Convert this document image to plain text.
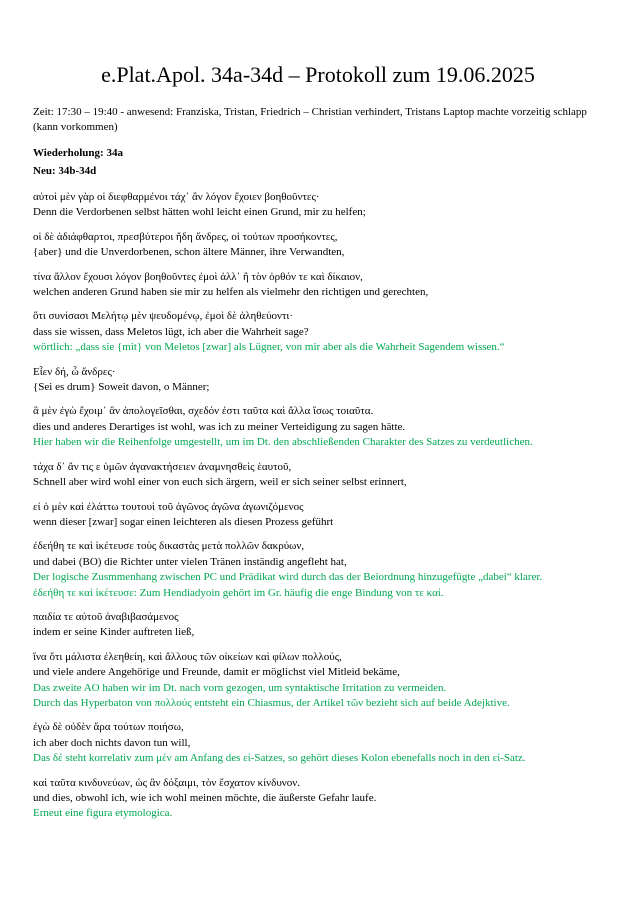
e.Plat.Apol. 34a-34d – Protokoll zum 19.06.2025

Zeit: 17:30 – 19:40 - anwesend: Franziska, Tristan, Friedrich – Christian verhindert, Tristans Laptop machte vorzeitig schlapp (kann vorkommen)

Wiederholung: 34a

Neu: 34b-34d

αὐτοὶ μὲν γὰρ οἱ διεφθαρμένοι τάχ᾽ ἂν λόγον ἔχοιεν βοηθοῦντες·
Denn die Verdorbenen selbst hätten wohl leicht einen Grund, mir zu helfen;
οἱ δὲ ἀδιάφθαρτοι, πρεσβύτεροι ἤδη ἄνδρες, οἱ τούτων προσήκοντες,
{aber} und die Unverdorbenen, schon ältere Männer, ihre Verwandten,
τίνα ἄλλον ἔχουσι λόγον βοηθοῦντες ἐμοὶ ἀλλ᾽ ἢ τὸν ὀρθόν τε καὶ δίκαιον,
welchen anderen Grund haben sie mir zu helfen als vielmehr den richtigen und gerechten,
ὅτι συνίσασι Μελήτῳ μὲν ψευδομένῳ, ἐμοὶ δὲ ἀληθεύοντι·
dass sie wissen, dass Meletos lügt, ich aber die Wahrheit sage?
wörtlich: „dass sie {mit} von Meletos [zwar] als Lügner, von mir aber als die Wahrheit Sagendem wissen.“
Εἶεν δή, ὦ ἄνδρες·
{Sei es drum} Soweit davon, o Männer;
ἃ μὲν ἐγὼ ἔχοιμ᾽ ἂν ἀπολογεῖσθαι, σχεδόν ἐστι ταῦτα καὶ ἄλλα ἴσως τοιαῦτα.
dies und anderes Derartiges ist wohl, was ich zu meiner Verteidigung zu sagen hätte.
Hier haben wir die Reihenfolge umgestellt, um im Dt. den abschließenden Charakter des Satzes zu verdeutlichen.
τάχα δ᾽ ἄν τις ε ὑμῶν ἀγανακτήσειεν ἀναμνησθεὶς ἑαυτοῦ,
Schnell aber wird wohl einer von euch sich ärgern, weil er sich seiner selbst erinnert,
εἰ ὁ μὲν καὶ ἐλάττω τουτουὶ τοῦ ἀγῶνος ἀγῶνα ἀγωνιζόμενος
wenn dieser [zwar] sogar einen leichteren als diesen Prozess geführt
ἐδεήθη τε καὶ ἱκέτευσε τοὺς δικαστὰς μετὰ πολλῶν δακρύων,
und dabei (BO) die Richter unter vielen Tränen inständig angefleht hat,
Der logische Zusmmenhang zwischen PC und Prädikat wird durch das der Beiordnung hinzugefügte „dabei“ klarer.
ἐδεήθη τε καὶ ἱκέτευσε: Zum Hendiadyoin gehört im Gr. häufig die enge Bindung von τε καί.
παιδία τε αὐτοῦ ἀναβιβασάμενος
indem er seine Kinder auftreten ließ,
ἵνα ὅτι μάλιστα ἐλεηθείη, καὶ ἄλλους τῶν οἰκείων καὶ φίλων πολλούς,
und viele andere Angehörige und Freunde, damit er möglichst viel Mitleid bekäme,
Das zweite AO haben wir im Dt. nach vorn gezogen, um syntaktische Irritation zu vermeiden.
Durch das Hyperbaton von πολλούς entsteht ein Chiasmus, der Artikel τῶν bezieht sich auf beide Adejktive.
ἐγὼ δὲ οὐδὲν ἄρα τούτων ποιήσω,
ich aber doch nichts davon tun will,
Das δέ steht korrelativ zum μέν am Anfang des εἰ-Satzes, so gehört dieses Kolon ebenefalls noch in den εἰ-Satz.
καὶ ταῦτα κινδυνεύων, ὡς ἂν δόξαιμι, τὸν ἔσχατον κίνδυνον.
und dies, obwohl ich, wie ich wohl meinen möchte, die äußerste Gefahr laufe.
Erneut eine figura etymologica.
